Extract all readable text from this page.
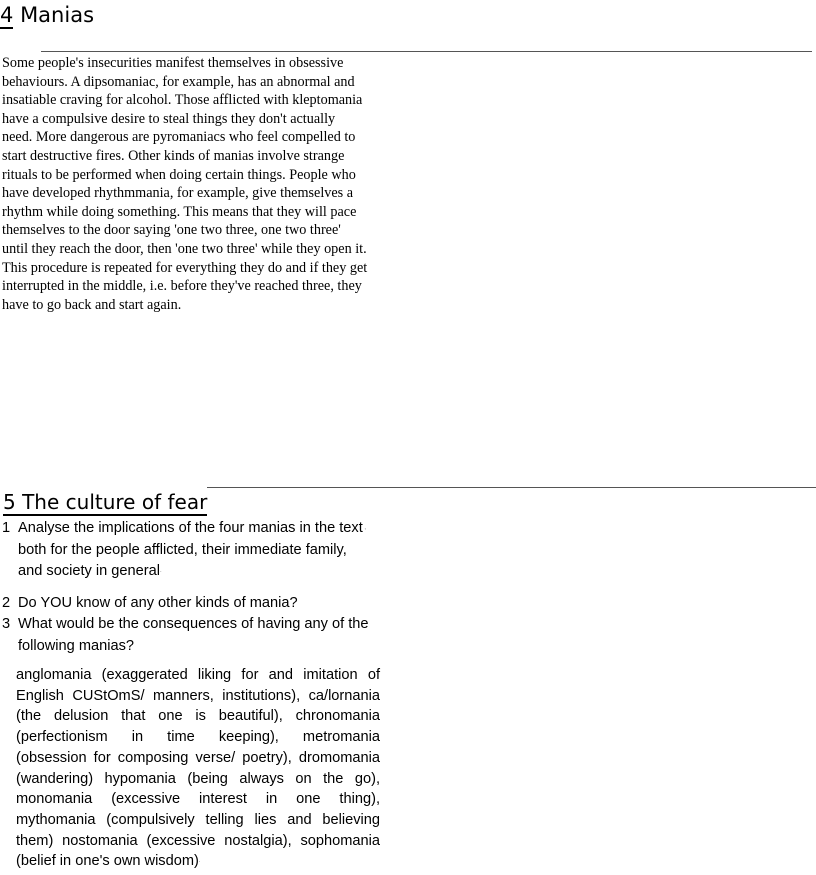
4 Manias
Some people's insecurities manifest themselves in obsessive
behaviours. A dipsomaniac, for example, has an abnormal and
insatiable craving for alcohol. Those afflicted with kleptomania
have a compulsive desire to steal things they don't actually
need. More dangerous are pyromaniacs who feel compelled to
start destructive fires. Other kinds of manias involve strange
rituals to be performed when doing certain things. People who
have developed rhythmmania, for example, give themselves a
rhythm while doing something. This means that they will pace
themselves to the door saying 'one two three, one two three'
until they reach the door, then 'one two three' while they open it.
This procedure is repeated for everything they do and if they get
interrupted in the middle, i.e. before they've reached three, they
have to go back and start again.
5 The culture of fear
1 Analyse the implications of the four manias in the text ,
both for the people afflicted, their immediate family,
and society in general.
2 Do YOU know of any other kinds of mania?
3 What would be the consequences of having any of the
following manias?
anglomania (exaggerated liking for and imitation of
English CUStOmS/ manners, institutions), ca/lornania
(the delusion that one is beautiful), chronomania
(perfectionism in time keeping), metromania
(obsession for composing verse/ poetry), dromomania
(wandering) hypomania (being always on the go),
monomania (excessive interest in one thing),
mythomania (compulsively telling lies and believing
them) nostomania (excessive nostalgia), sophomania
(belief in one's own wisdom).
